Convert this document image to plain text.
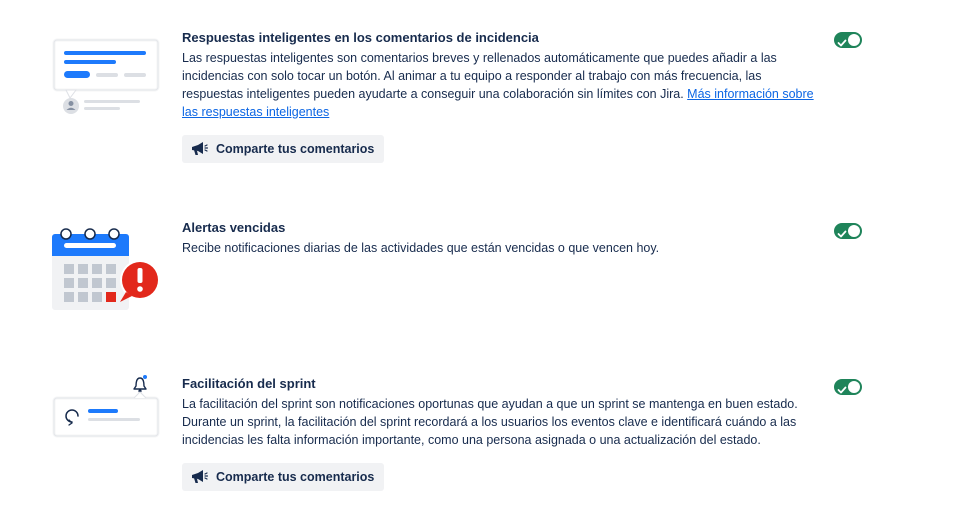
Respuestas inteligentes en los comentarios de incidencia

Las respuestas inteligentes son comentarios breves y rellenados automáticamente que puedes añadir a las incidencias con solo tocar un botón. Al animar a tu equipo a responder al trabajo con más frecuencia, las respuestas inteligentes pueden ayudarte a conseguir una colaboración sin límites con Jira. Más información sobre las respuestas inteligentes

Comparte tus comentarios
Alertas vencidas

Recibe notificaciones diarias de las actividades que están vencidas o que vencen hoy.

Facilitación del sprint

La facilitación del sprint son notificaciones oportunas que ayudan a que un sprint se mantenga en buen estado. Durante un sprint, la facilitación del sprint recordará a los usuarios los eventos clave e identificará cuándo a las incidencias les falta información importante, como una persona asignada o una actualización del estado.

Comparte tus comentarios
